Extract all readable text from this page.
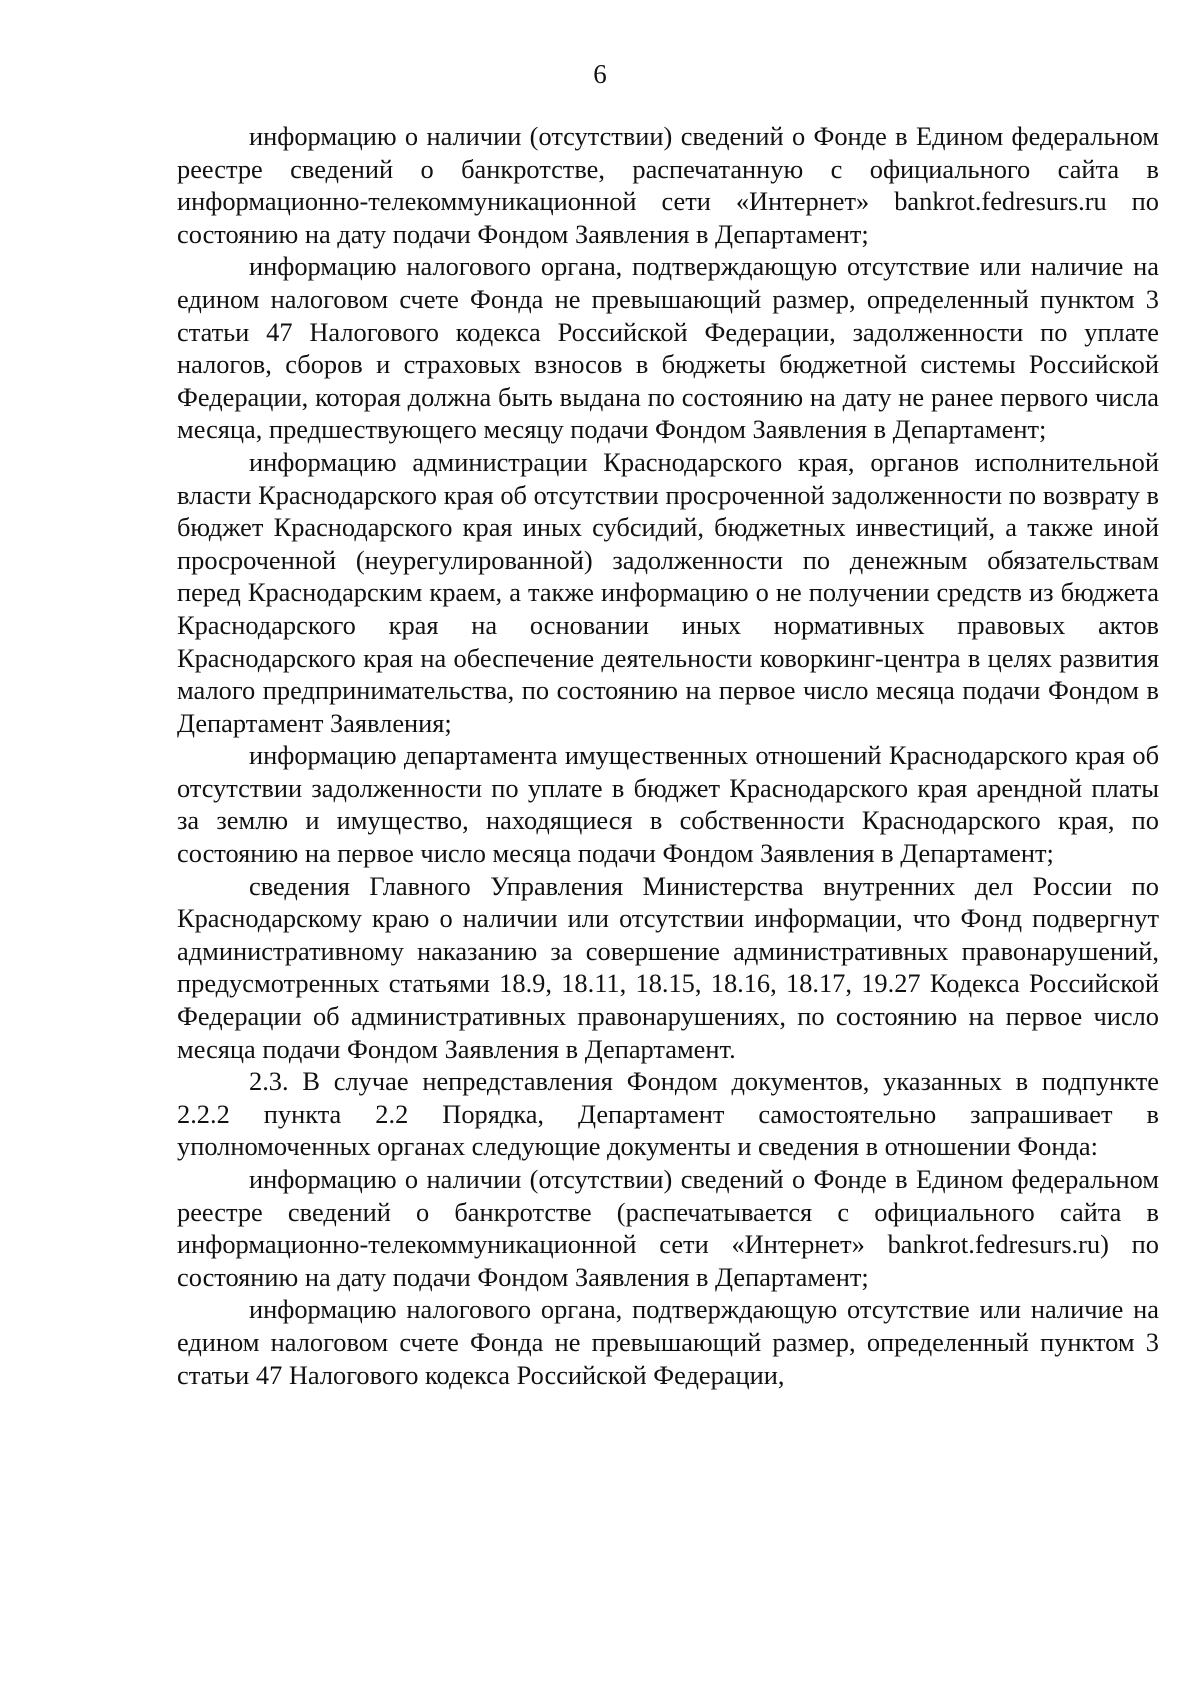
6

информацию о наличии (отсутствии) сведений о Фонде в Едином федеральном реестре сведений о банкротстве, распечатанную с официального сайта в информационно-телекоммуникационной сети «Интернет» bankrot.fedresurs.ru по состоянию на дату подачи Фондом Заявления в Департамент;

информацию налогового органа, подтверждающую отсутствие или наличие на едином налоговом счете Фонда не превышающий размер, определенный пунктом 3 статьи 47 Налогового кодекса Российской Федерации, задолженности по уплате налогов, сборов и страховых взносов в бюджеты бюджетной системы Российской Федерации, которая должна быть выдана по состоянию на дату не ранее первого числа месяца, предшествующего месяцу подачи Фондом Заявления в Департамент;

информацию администрации Краснодарского края, органов исполнительной власти Краснодарского края об отсутствии просроченной задолженности по возврату в бюджет Краснодарского края иных субсидий, бюджетных инвестиций, а также иной просроченной (неурегулированной) задолженности по денежным обязательствам перед Краснодарским краем, а также информацию о не получении средств из бюджета Краснодарского края на основании иных нормативных правовых актов Краснодарского края на обеспечение деятельности коворкинг-центра в целях развития малого предпринимательства, по состоянию на первое число месяца подачи Фондом в Департамент Заявления;

информацию департамента имущественных отношений Краснодарского края об отсутствии задолженности по уплате в бюджет Краснодарского края арендной платы за землю и имущество, находящиеся в собственности Краснодарского края, по состоянию на первое число месяца подачи Фондом Заявления в Департамент;

сведения Главного Управления Министерства внутренних дел России по Краснодарскому краю о наличии или отсутствии информации, что Фонд подвергнут административному наказанию за совершение административных правонарушений, предусмотренных статьями 18.9, 18.11, 18.15, 18.16, 18.17, 19.27 Кодекса Российской Федерации об административных правонарушениях, по состоянию на первое число месяца подачи Фондом Заявления в Департамент.

2.3. В случае непредставления Фондом документов, указанных в подпункте 2.2.2 пункта 2.2 Порядка, Департамент самостоятельно запрашивает в уполномоченных органах следующие документы и сведения в отношении Фонда:

информацию о наличии (отсутствии) сведений о Фонде в Едином федеральном реестре сведений о банкротстве (распечатывается с официального сайта в информационно-телекоммуникационной сети «Интернет» bankrot.fedresurs.ru) по состоянию на дату подачи Фондом Заявления в Департамент;

информацию налогового органа, подтверждающую отсутствие или наличие на едином налоговом счете Фонда не превышающий размер, определенный пунктом 3 статьи 47 Налогового кодекса Российской Федерации,
